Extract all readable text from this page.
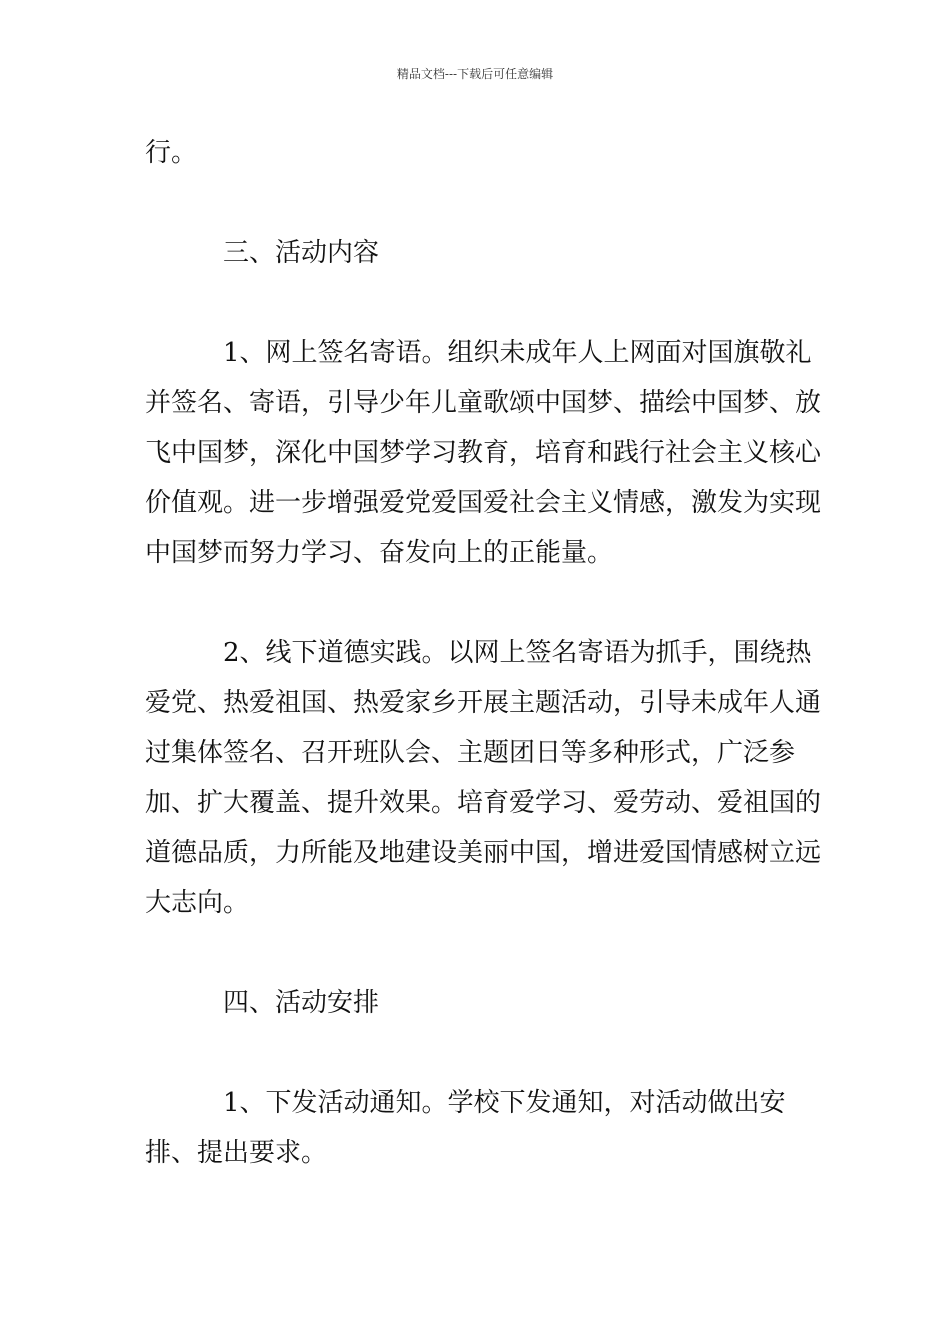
精品文档---下载后可任意编辑

行。

三、活动内容

1、网上签名寄语。组织未成年人上网面对国旗敬礼并签名、寄语，引导少年儿童歌颂中国梦、描绘中国梦、放飞中国梦，深化中国梦学习教育，培育和践行社会主义核心价值观。进一步增强爱党爱国爱社会主义情感，激发为实现中国梦而努力学习、奋发向上的正能量。

2、线下道德实践。以网上签名寄语为抓手，围绕热爱党、热爱祖国、热爱家乡开展主题活动，引导未成年人通过集体签名、召开班队会、主题团日等多种形式，广泛参加、扩大覆盖、提升效果。培育爱学习、爱劳动、爱祖国的道德品质，力所能及地建设美丽中国，增进爱国情感树立远大志向。

四、活动安排

1、下发活动通知。学校下发通知，对活动做出安排、提出要求。
